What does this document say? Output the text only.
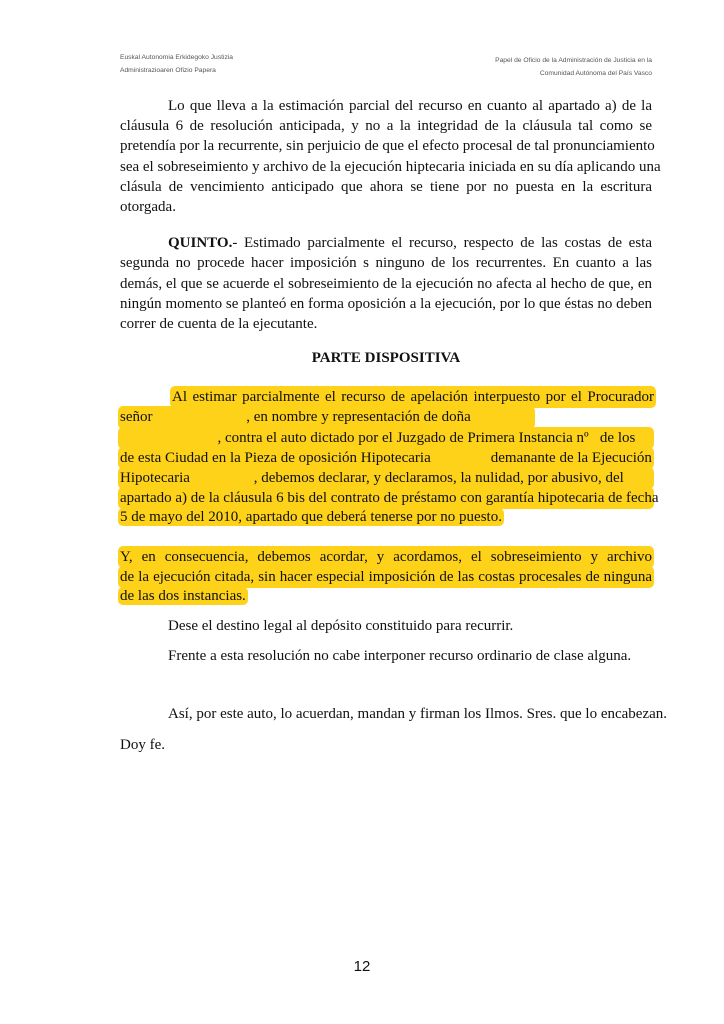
Euskal Autonomia Erkidegoko Justizia
Administrazioaren Ofizio Papera
Papel de Oficio de la Administración de Justicia en la
Comunidad Autónoma del País Vasco
Lo que lleva a la estimación parcial del recurso en cuanto al apartado a) de la
cláusula 6 de resolución anticipada, y no a la integridad de la cláusula tal como se
pretendía por la recurrente, sin perjuicio de que el efecto procesal de tal pronunciamiento
sea el sobreseimiento y archivo de la ejecución hiptecaria iniciada en su día aplicando una
clásula de vencimiento anticipado que ahora se tiene por no puesta en la escritura
otorgada.
QUINTO. - Estimado parcialmente el recurso, respecto de las costas de esta
segunda no procede hacer imposición s ninguno de los recurrentes. En cuanto a las
demás, el que se acuerde el sobreseimiento de la ejecución no afecta al hecho de que, en
ningún momento se planteó en forma oposición a la ejecución, por lo que éstas no deben
correr de cuenta de la ejecutante.
PARTE DISPOSITIVA
Al estimar parcialmente el recurso de apelación interpuesto por el Procurador
señor                         , en nombre y representación de doña
, contra el auto dictado por el Juzgado de Primera Instancia nº   de los
de esta Ciudad en la Pieza de oposición Hipotecaria                demanante de la Ejecución
Hipotecaria                 , debemos declarar, y declaramos, la nulidad, por abusivo, del
apartado a) de la cláusula 6 bis del contrato de préstamo con garantía hipotecaria de fecha
5 de mayo del 2010, apartado que deberá tenerse por no puesto.
Y, en consecuencia, debemos acordar, y acordamos, el sobreseimiento y archivo
de la ejecución citada, sin hacer especial imposición de las costas procesales de ninguna
de las dos instancias.
Dese el destino legal al depósito constituido para recurrir.
Frente a esta resolución no cabe interponer recurso ordinario de clase alguna.
Así, por este auto, lo acuerdan, mandan y firman los Ilmos. Sres. que lo encabezan.
Doy fe.
12
